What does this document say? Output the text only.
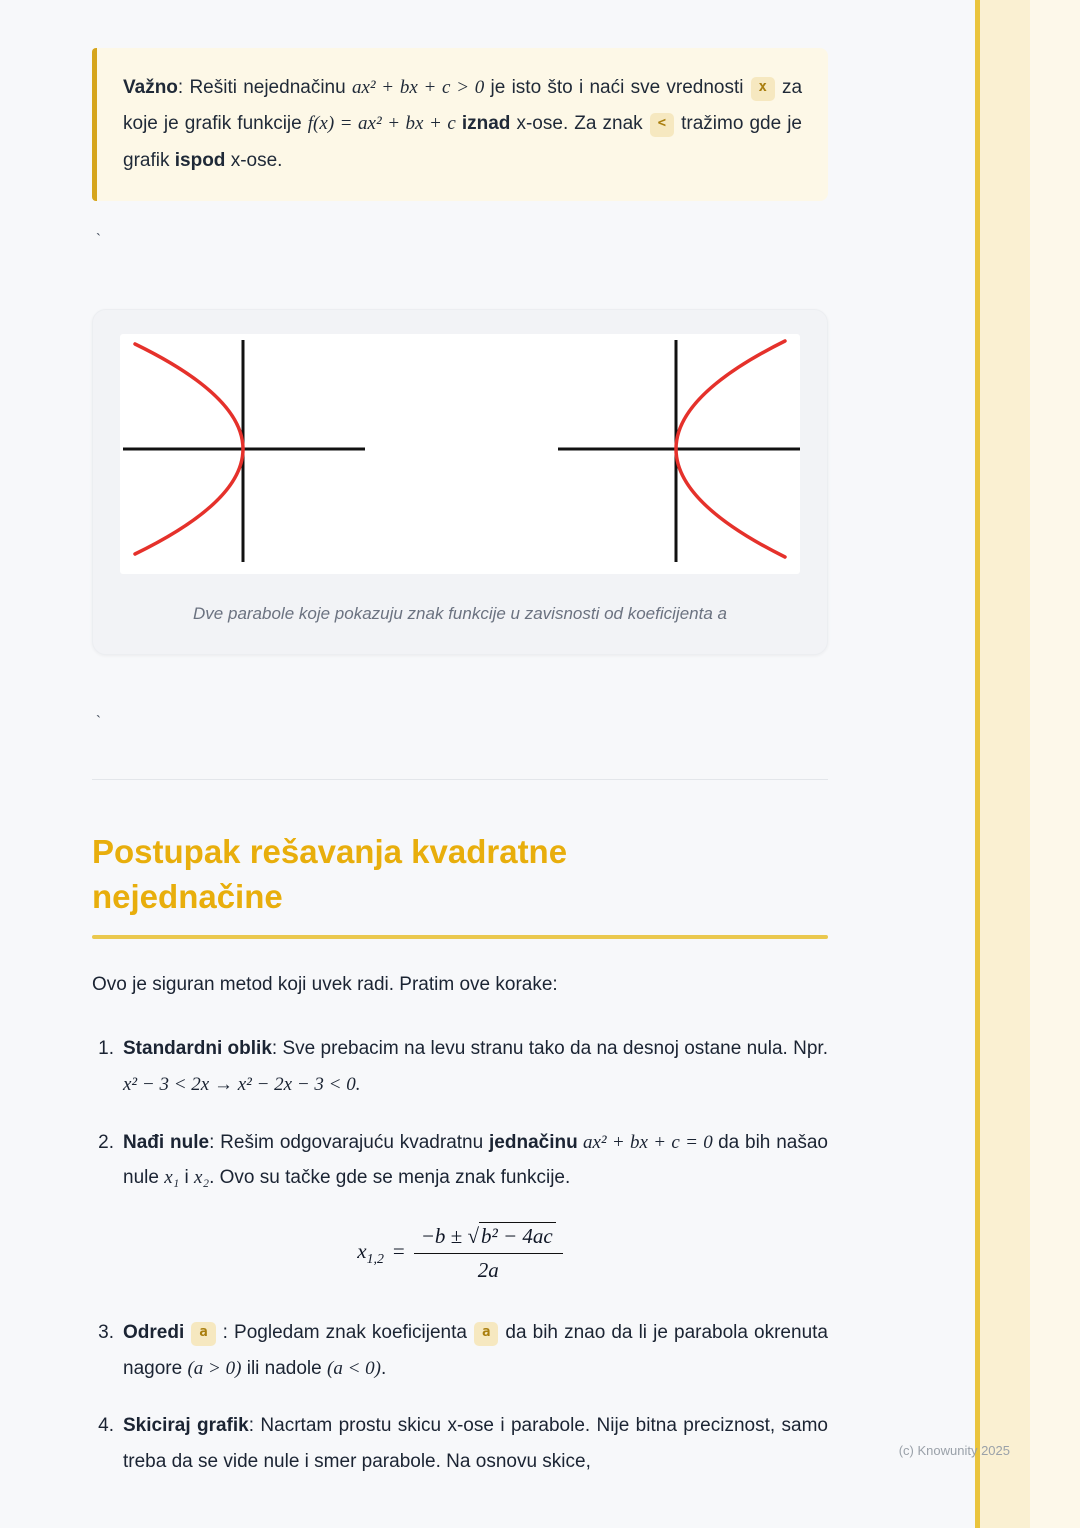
Važno: Rešiti nejednačinu ax² + bx + c > 0 je isto što i naći sve vrednosti x za koje je grafik funkcije f(x) = ax² + bx + c iznad x-ose. Za znak < tražimo gde je grafik ispod x-ose.

`
Dve parabole koje pokazuju znak funkcije u zavisnosti od koeficijenta a
`
Postupak rešavanja kvadratne nejednačine

Ovo je siguran metod koji uvek radi. Pratim ove korake:

1. Standardni oblik: Sve prebacim na levu stranu tako da na desnoj ostane nula. Npr. x² − 3 < 2x → x² − 2x − 3 < 0.
2. Nađi nule: Rešim odgovarajuću kvadratnu jednačinu ax² + bx + c = 0 da bih našao nule x₁ i x₂. Ovo su tačke gde se menja znak funkcije.
$x_{1,2} = \frac{\text{−b ± √b² − 4ac}}{2a}$
3. Odredi a : Pogledam znak koeficijenta a da bih znao da li je parabola okrenuta nagore (a > 0) ili nadole (a < 0).
4. Skiciraj grafik: Nacrtam prostu skicu x-ose i parabole. Nije bitna preciznost, samo treba da se vide nule i smer parabole. Na osnovu skice,
(c) Knowunity 2025
